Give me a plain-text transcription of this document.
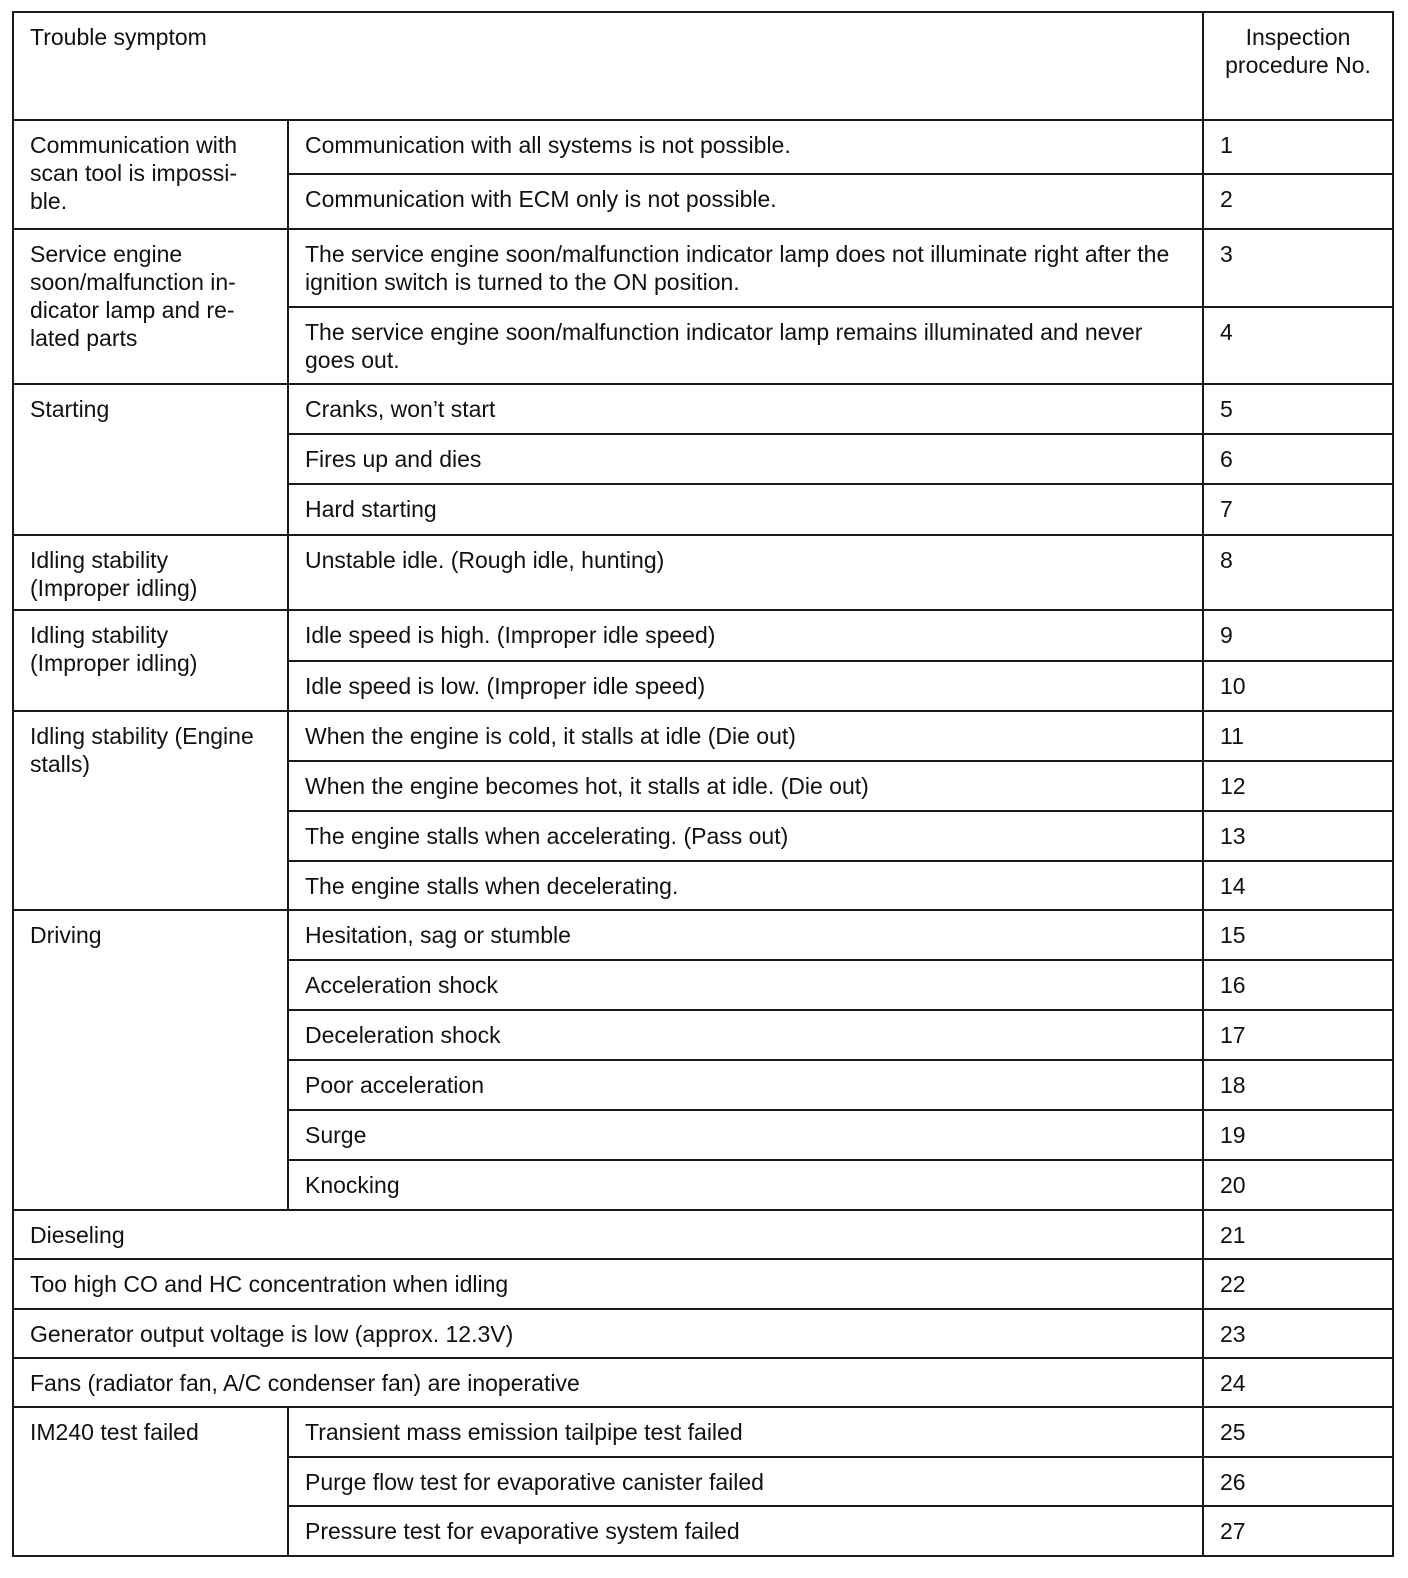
Trouble symptom		Inspection procedure No.
Communication with scan tool is impossi-ble.	Communication with all systems is not possible.	1
	Communication with ECM only is not possible.	2
Service engine soon/malfunction in-dicator lamp and re-lated parts	The service engine soon/malfunction indicator lamp does not illuminate right after the ignition switch is turned to the ON position.	3
	The service engine soon/malfunction indicator lamp remains illuminated and never goes out.	4
Starting	Cranks, won’t start	5
	Fires up and dies	6
	Hard starting	7
Idling stability (Improper idling)	Unstable idle. (Rough idle, hunting)	8
Idling stability (Improper idling)	Idle speed is high. (Improper idle speed)	9
	Idle speed is low. (Improper idle speed)	10
Idling stability (Engine stalls)	When the engine is cold, it stalls at idle (Die out)	11
	When the engine becomes hot, it stalls at idle. (Die out)	12
	The engine stalls when accelerating. (Pass out)	13
	The engine stalls when decelerating.	14
Driving	Hesitation, sag or stumble	15
	Acceleration shock	16
	Deceleration shock	17
	Poor acceleration	18
	Surge	19
	Knocking	20
Dieseling		21
Too high CO and HC concentration when idling		22
Generator output voltage is low (approx. 12.3V)		23
Fans (radiator fan, A/C condenser fan) are inoperative		24
IM240 test failed	Transient mass emission tailpipe test failed	25
	Purge flow test for evaporative canister failed	26
	Pressure test for evaporative system failed	27
